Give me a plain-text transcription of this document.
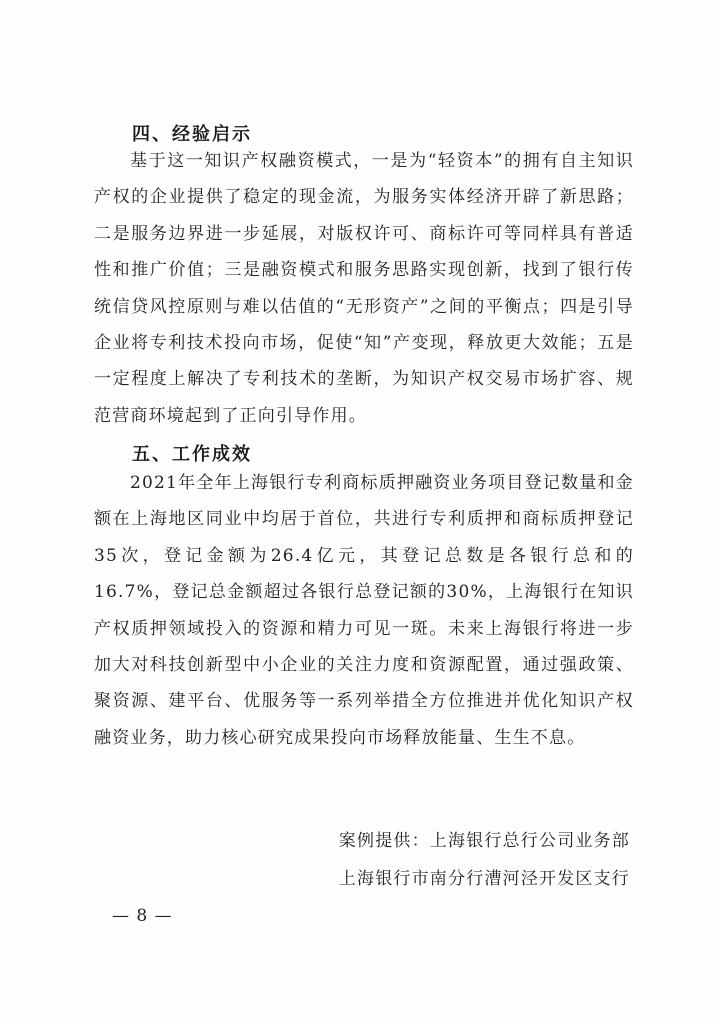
四、经验启示
基于这一知识产权融资模式，一是为“轻资本”的拥有自主知识产权的企业提供了稳定的现金流，为服务实体经济开辟了新思路；二是服务边界进一步延展，对版权许可、商标许可等同样具有普适性和推广价值；三是融资模式和服务思路实现创新，找到了银行传统信贷风控原则与难以估值的“无形资产”之间的平衡点；四是引导企业将专利技术投向市场，促使“知”产变现，释放更大效能；五是一定程度上解决了专利技术的垄断，为知识产权交易市场扩容、规范营商环境起到了正向引导作用。
五、工作成效
2021年全年上海银行专利商标质押融资业务项目登记数量和金额在上海地区同业中均居于首位，共进行专利质押和商标质押登记35次，登记金额为26.4亿元，其登记总数是各银行总和的16.7%，登记总金额超过各银行总登记额的30%，上海银行在知识产权质押领域投入的资源和精力可见一斑。未来上海银行将进一步加大对科技创新型中小企业的关注力度和资源配置，通过强政策、聚资源、建平台、优服务等一系列举措全方位推进并优化知识产权融资业务，助力核心研究成果投向市场释放能量、生生不息。
案例提供：上海银行总行公司业务部
上海银行市南分行漕河泾开发区支行
— 8 —
